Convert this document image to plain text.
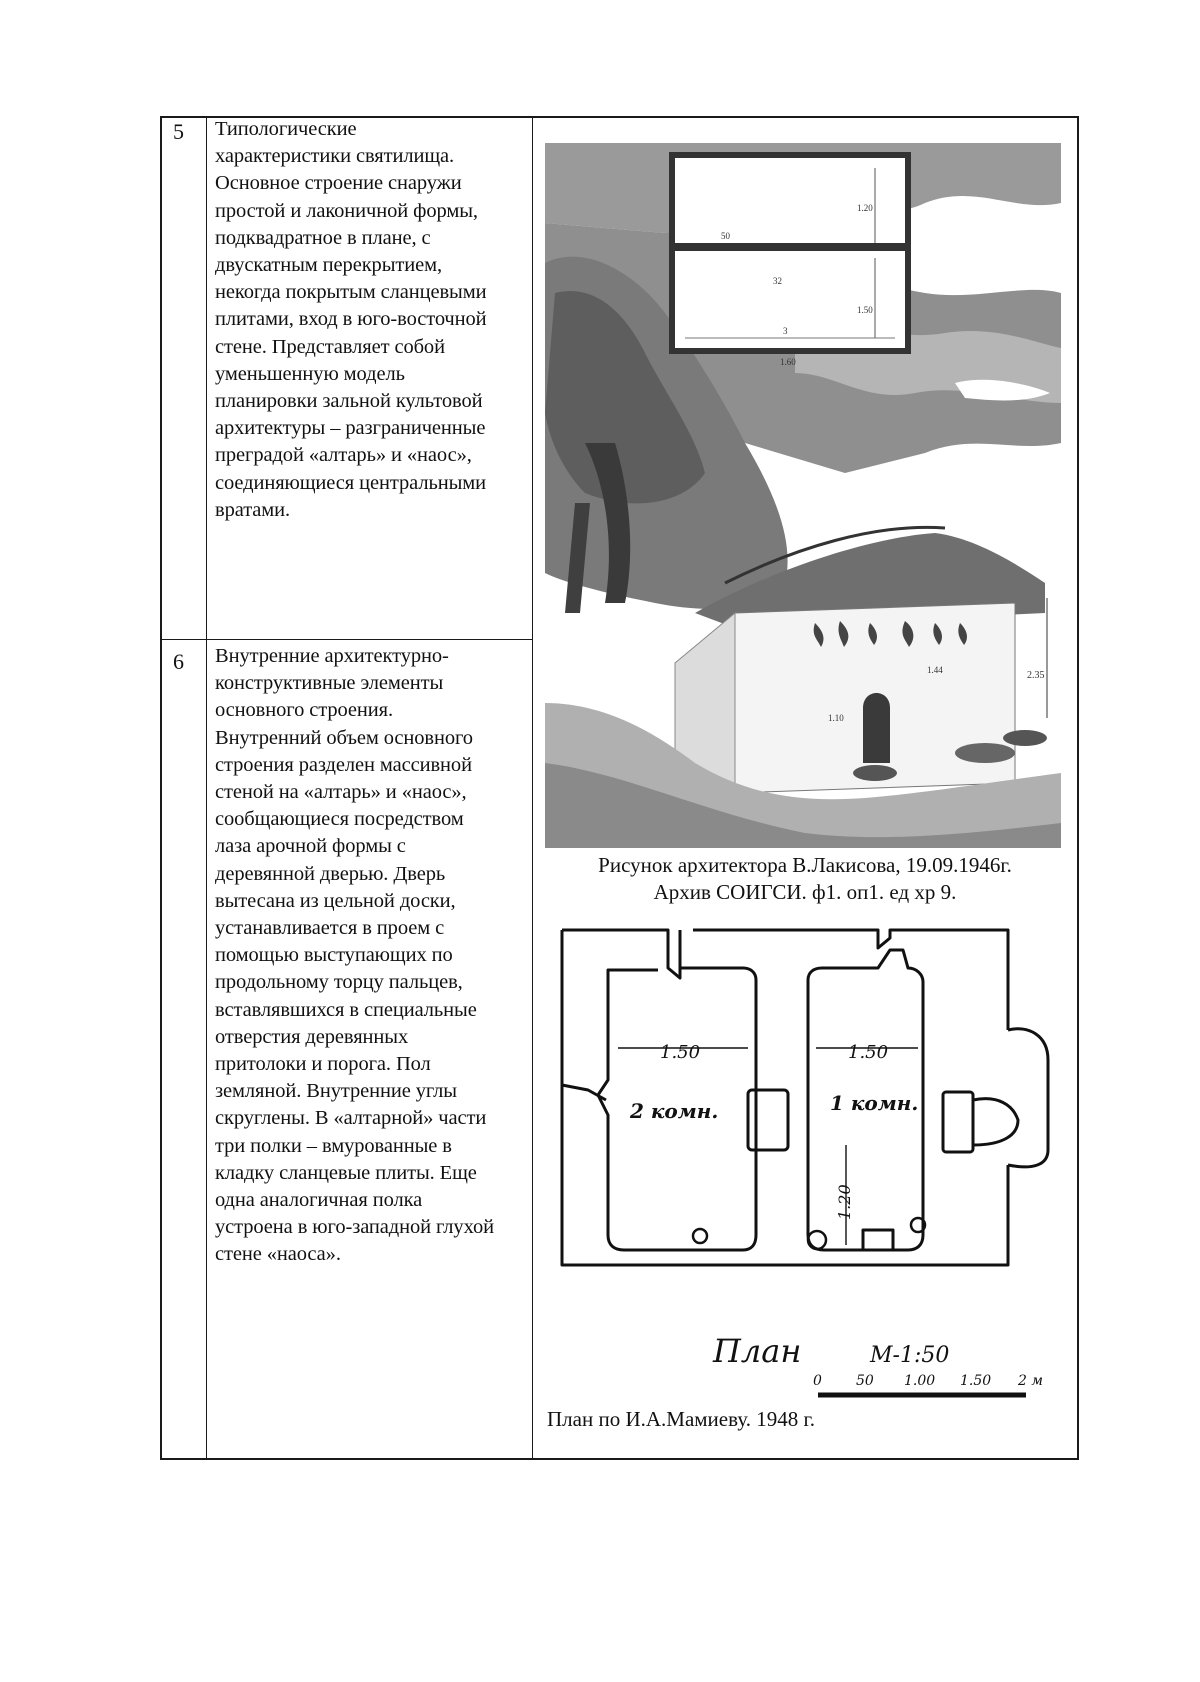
5 Типологические
характеристики святилища.
Основное строение снаружи
простой и лаконичной формы,
подквадратное в плане, с
двускатным перекрытием,
некогда покрытым сланцевыми
плитами, вход в юго-восточной
стене. Представляет собой
уменьшенную модель
планировки зальной культовой
архитектуры – разграниченные
преградой «алтарь» и «наос»,
соединяющиеся центральными
вратами.
6 Внутренние архитектурно-
конструктивные элементы
основного строения.
Внутренний объем основного
строения разделен массивной
стеной на «алтарь» и «наос»,
сообщающиеся посредством
лаза арочной формы с
деревянной дверью. Дверь
вытесана из цельной доски,
устанавливается в проем с
помощью выступающих по
продольному торцу пальцев,
вставлявшихся в специальные
отверстия деревянных
притолоки и порога. Пол
земляной. Внутренние углы
скруглены. В «алтарной» части
три полки – вмурованные в
кладку сланцевые плиты. Еще
одна аналогичная полка
устроена в юго-западной глухой
стене «наоса».
1.20
50
32
1.50
3
1.60
2.35
1.44
1.10
Рисунок архитектора В.Лакисова, 19.09.1946г.
Архив СОИГСИ. ф1. оп1. ед хр 9.
1.50	1.50
1.20
2 комн.	1 комн.
План	М-1:50
0 50 1.00 1.50 2 м
План по И.А.Мамиеву. 1948 г.
